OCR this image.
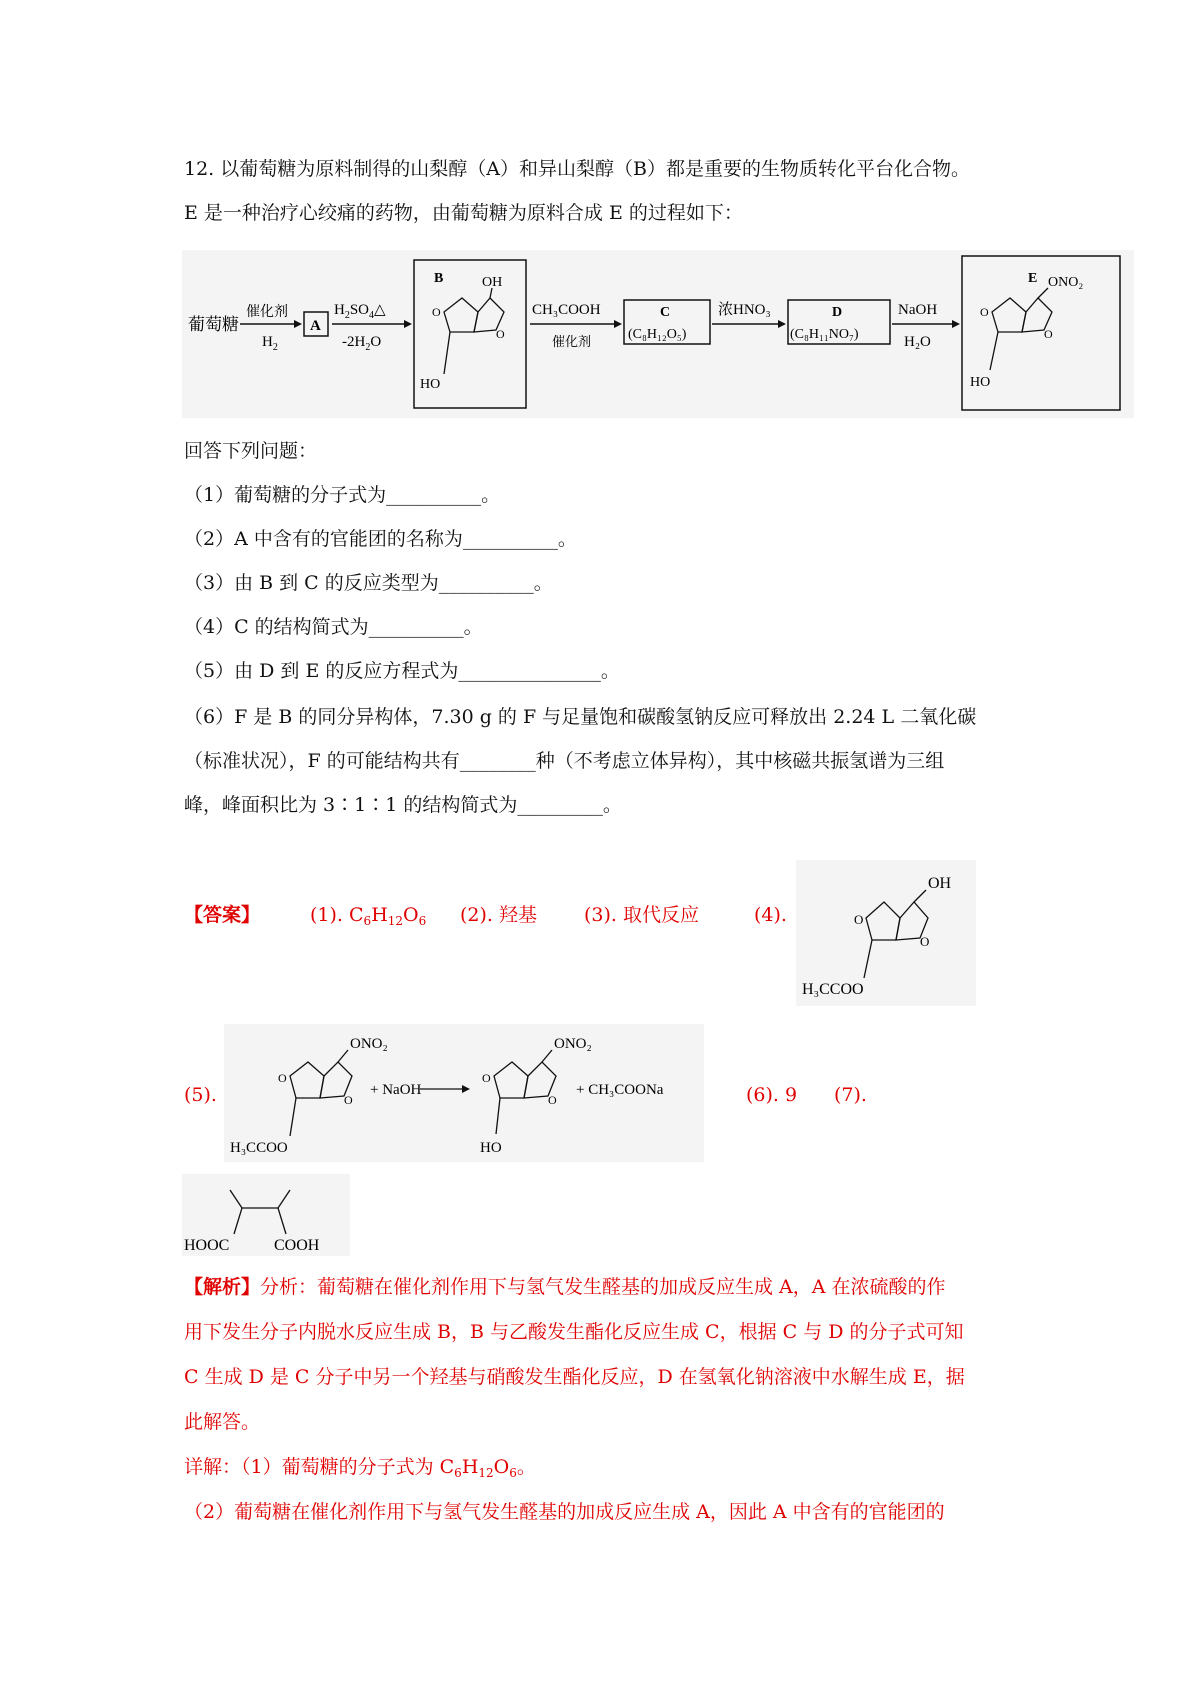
12. 以葡萄糖为原料制得的山梨醇（A）和异山梨醇（B）都是重要的生物质转化平台化合物。
E 是一种治疗心绞痛的药物，由葡萄糖为原料合成 E 的过程如下：
葡萄糖
催化剂
$H_2$
A
$H_2SO_4\triangle$
$-2H_2O$
B	OH
HO
O
O
CH₃COOH
催化剂
C
(C₈H₁₂O₅)
浓HNO₃	D
(C₈H₁₁NO₇)
NaOH
H₂O
E ONO₂
HO
O
O
回答下列问题：
（1）葡萄糖的分子式为__________。
（2）A 中含有的官能团的名称为__________。
（3）由 B 到 C 的反应类型为__________。
（4）C 的结构简式为__________。
（5）由 D 到 E 的反应方程式为_______________。
（6）F 是 B 的同分异构体，7.30 g 的 F 与足量饱和碳酸氢钠反应可释放出 2.24 L 二氧化碳
（标准状况），F 的可能结构共有________种（不考虑立体异构），其中核磁共振氢谱为三组
峰，峰面积比为 3∶1∶1 的结构简式为_________。
【答案】	(1). $C_6H_{12}O_6$ (2). 羟基 (3). 取代反应	(4).
OH
O
O
H₃CCOO
(5).
ONO₂
O
O
H₃CCOO
+ NaOH
ONO₂
O
O
HO
+ CH₃COONa	(6). 9 (7).
HOOC	COOH
【解析】分析：葡萄糖在催化剂作用下与氢气发生醛基的加成反应生成 A，A 在浓硫酸的作
用下发生分子内脱水反应生成 B，B 与乙酸发生酯化反应生成 C，根据 C 与 D 的分子式可知
C 生成 D 是 C 分子中另一个羟基与硝酸发生酯化反应，D 在氢氧化钠溶液中水解生成 E，据
此解答。
详解：（1）葡萄糖的分子式为 $C_6H_{12}O_6$。
（2）葡萄糖在催化剂作用下与氢气发生醛基的加成反应生成 A，因此 A 中含有的官能团的
